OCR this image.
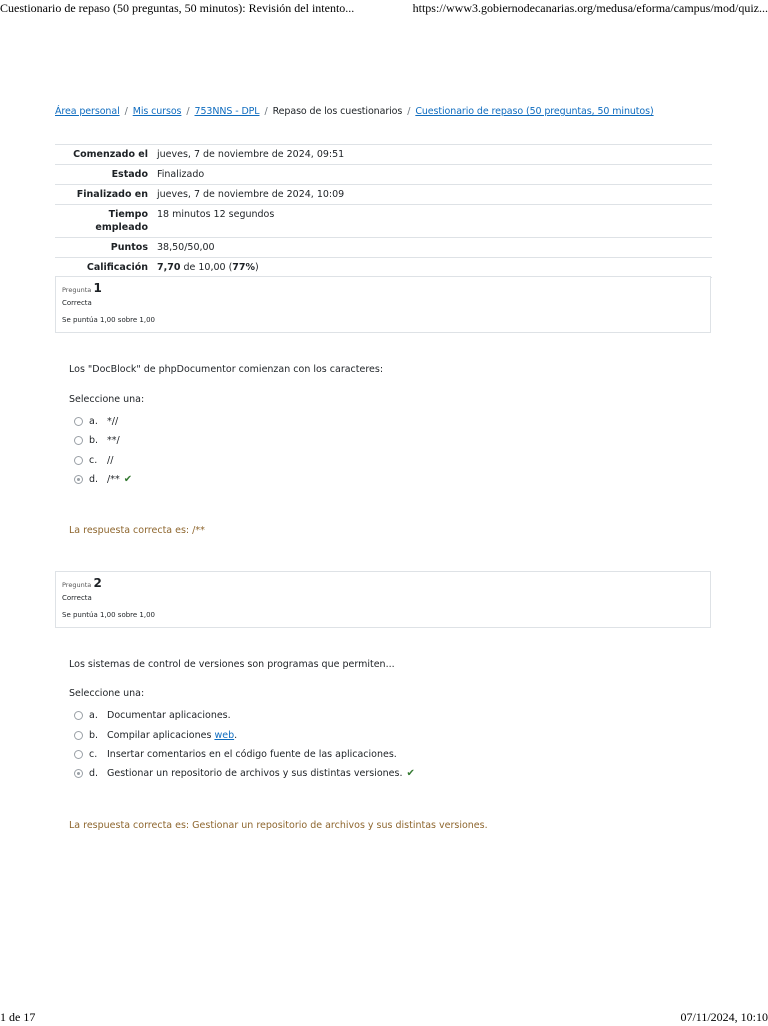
Cuestionario de repaso (50 preguntas, 50 minutos): Revisión del intento...	https://www3.gobiernodecanarias.org/medusa/eforma/campus/mod/quiz...
Área personal / Mis cursos / 753NNS - DPL / Repaso de los cuestionarios / Cuestionario de repaso (50 preguntas, 50 minutos)
Comenzado el	jueves, 7 de noviembre de 2024, 09:51
Estado	Finalizado
Finalizado en	jueves, 7 de noviembre de 2024, 10:09
Tiempo
empleado	18 minutos 12 segundos
Puntos	38,50/50,00
Calificación	7,70 de 10,00 (77%)
Pregunta 1
Correcta
Se puntúa 1,00 sobre 1,00
Los "DocBlock" de phpDocumentor comienzan con los caracteres:
Seleccione una:
a. *//
b. **/
c.	//
d. /** ✔
La respuesta correcta es: /**
Pregunta 2
Correcta
Se puntúa 1,00 sobre 1,00
Los sistemas de control de versiones son programas que permiten...
Seleccione una:
a. Documentar aplicaciones.
b. Compilar aplicaciones web.
c.	Insertar comentarios en el código fuente de las aplicaciones.
d. Gestionar un repositorio de archivos y sus distintas versiones. ✔
La respuesta correcta es: Gestionar un repositorio de archivos y sus distintas versiones.
1 de 17	07/11/2024, 10:10
